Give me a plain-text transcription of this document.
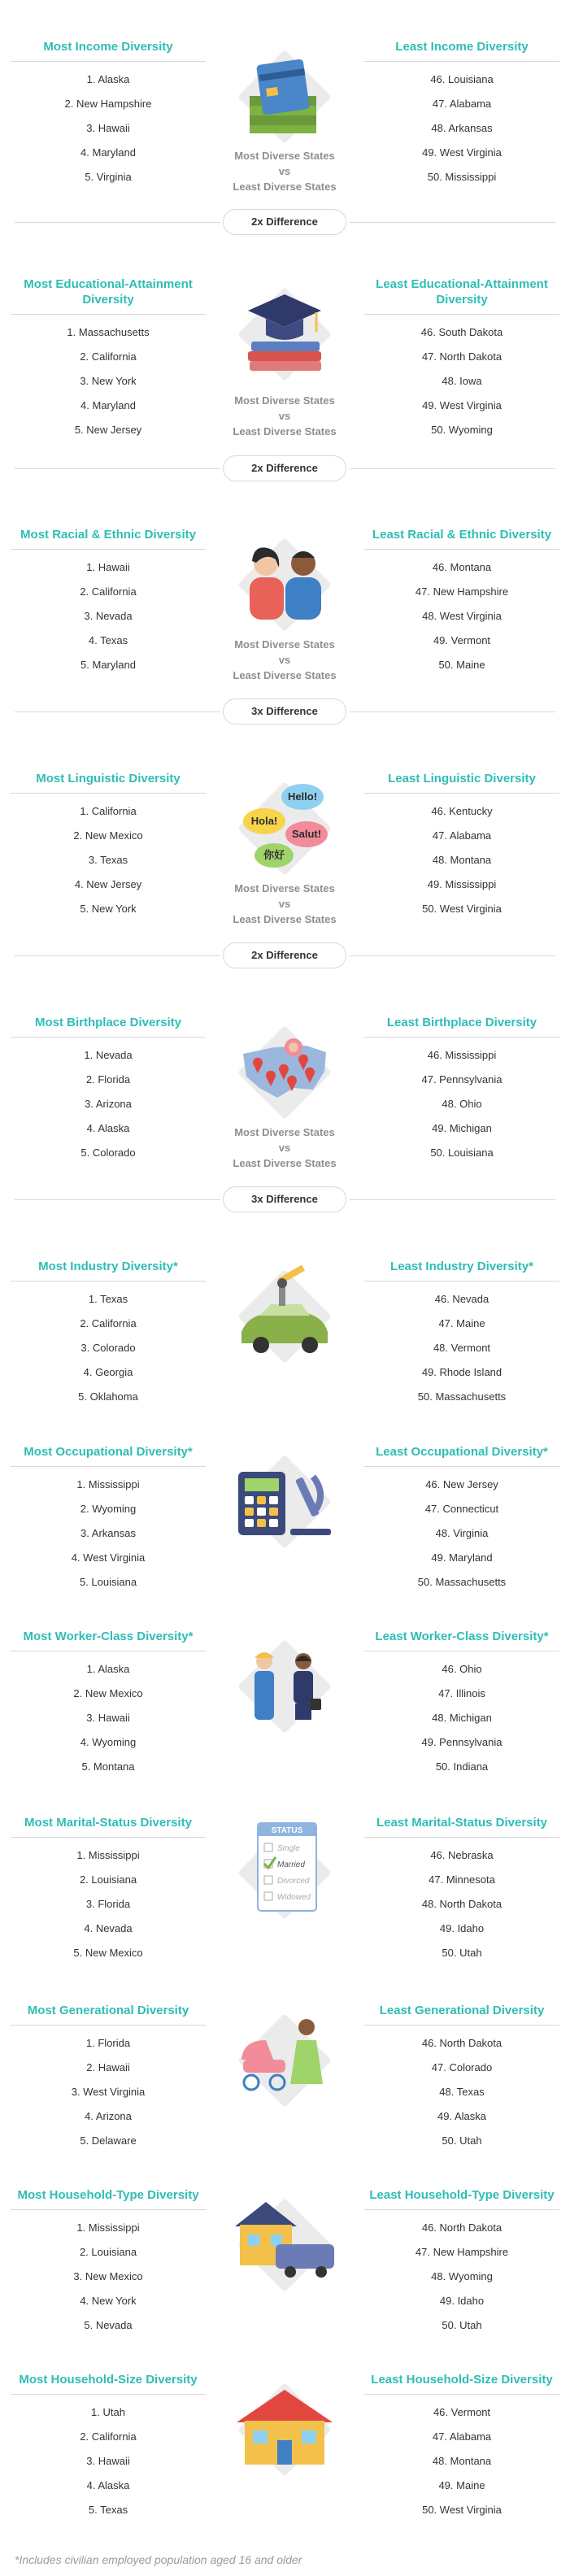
Most Income Diversity
1. Alaska
2. New Hampshire
3. Hawaii
4. Maryland
5. Virginia
Least Income Diversity
46. Louisiana
47. Alabama
48. Arkansas
49. West Virginia
50. Mississippi
Most Diverse States
vs
Least Diverse States
2x Difference
Most Educational-Attainment Diversity
1. Massachusetts
2. California
3. New York
4. Maryland
5. New Jersey
Least Educational-Attainment Diversity
46. South Dakota
47. North Dakota
48. Iowa
49. West Virginia
50. Wyoming
Most Diverse States
vs
Least Diverse States
2x Difference
Most Racial & Ethnic Diversity
1. Hawaii
2. California
3. Nevada
4. Texas
5. Maryland
Least Racial & Ethnic Diversity
46. Montana
47. New Hampshire
48. West Virginia
49. Vermont
50. Maine
Most Diverse States
vs
Least Diverse States
3x Difference
Most Linguistic Diversity
1. California
2. New Mexico
3. Texas
4. New Jersey
5. New York
Hello!
Hola!
Salut!
你好
Least Linguistic Diversity
46. Kentucky
47. Alabama
48. Montana
49. Mississippi
50. West Virginia
Most Diverse States
vs
Least Diverse States
2x Difference
Most Birthplace Diversity
1. Nevada
2. Florida
3. Arizona
4. Alaska
5. Colorado
Least Birthplace Diversity
46. Mississippi
47. Pennsylvania
48. Ohio
49. Michigan
50. Louisiana
Most Diverse States
vs
Least Diverse States
3x Difference
Most Industry Diversity*
1. Texas
2. California
3. Colorado
4. Georgia
5. Oklahoma
Least Industry Diversity*
46. Nevada
47. Maine
48. Vermont
49. Rhode Island
50. Massachusetts
Most Occupational Diversity*
1. Mississippi
2. Wyoming
3. Arkansas
4. West Virginia
5. Louisiana
Least Occupational Diversity*
46. New Jersey
47. Connecticut
48. Virginia
49. Maryland
50. Massachusetts
Most Worker-Class Diversity*
1. Alaska
2. New Mexico
3. Hawaii
4. Wyoming
5. Montana
Least Worker-Class Diversity*
46. Ohio
47. Illinois
48. Michigan
49. Pennsylvania
50. Indiana
Most Marital-Status Diversity
1. Mississippi
2. Louisiana
3. Florida
4. Nevada
5. New Mexico
STATUS
Single
Married
Divorced
Widowed
Least Marital-Status Diversity
46. Nebraska
47. Minnesota
48. North Dakota
49. Idaho
50. Utah
Most Generational Diversity
1. Florida
2. Hawaii
3. West Virginia
4. Arizona
5. Delaware
Least Generational Diversity
46. North Dakota
47. Colorado
48. Texas
49. Alaska
50. Utah
Most Household-Type Diversity
1. Mississippi
2. Louisiana
3. New Mexico
4. New York
5. Nevada
Least Household-Type Diversity
46. North Dakota
47. New Hampshire
48. Wyoming
49. Idaho
50. Utah
Most Household-Size Diversity
1. Utah
2. California
3. Hawaii
4. Alaska
5. Texas
Least Household-Size Diversity
46. Vermont
47. Alabama
48. Montana
49. Maine
50. West Virginia
*Includes civilian employed population aged 16 and older
